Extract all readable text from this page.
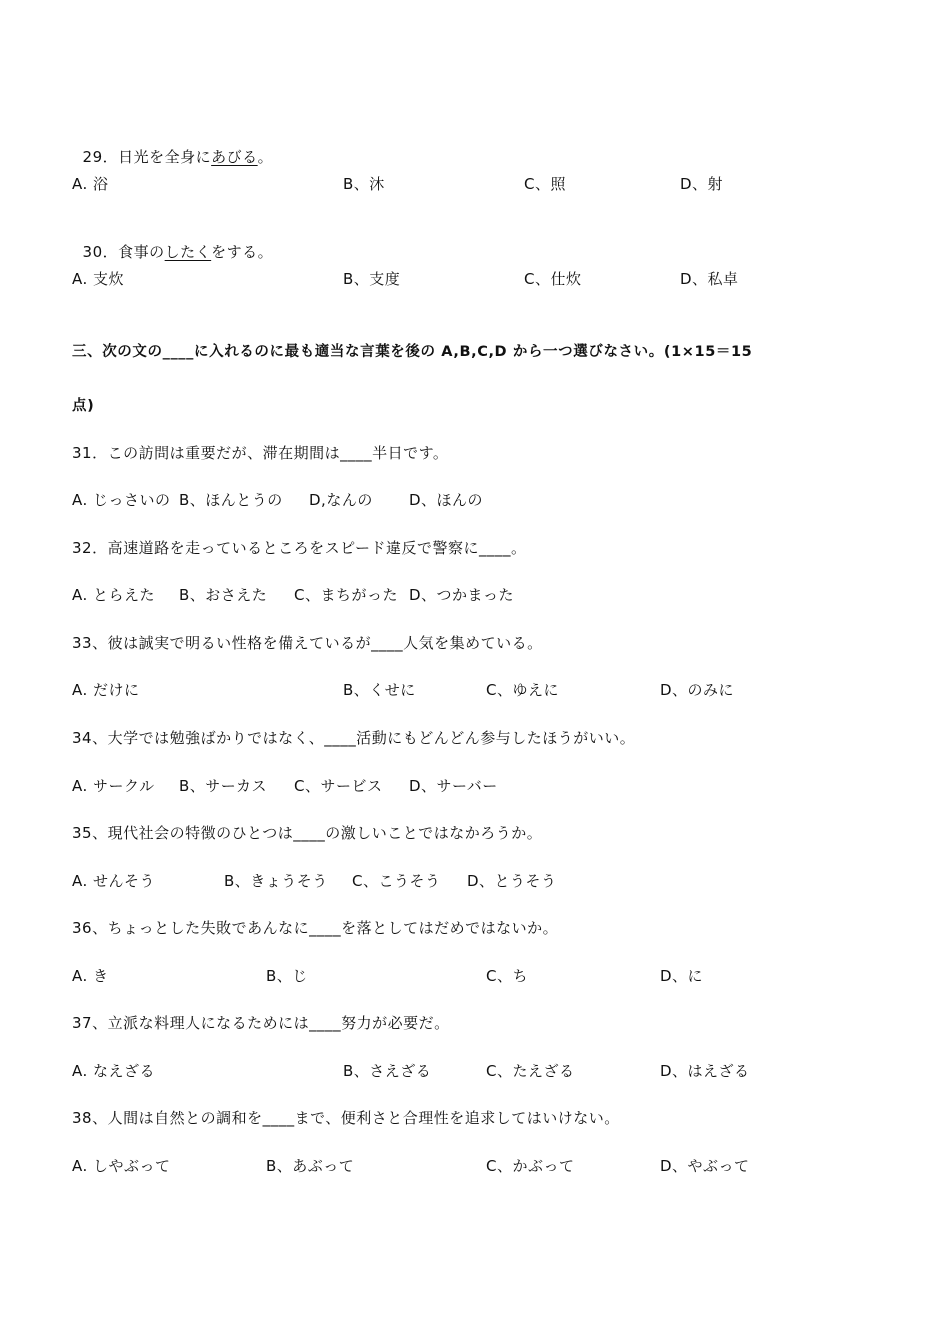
29．日光を全身にあびる。

A. 浴	B、沐	C、照	D、射

30．食事のしたくをする。

A. 支炊	B、支度	C、仕炊	D、私卓
三、次の文の____に入れるのに最も適当な言葉を後の A,B,C,D から一つ選びなさい。(1×15＝15
点)
31．この訪問は重要だが、滞在期間は____半日です。
A. じっさいの B、ほんとうの D,なんの D、ほんの
32．高速道路を走っているところをスピード違反で警察に____。
A. とらえた B、おさえた C、まちがった D、つかまった
33、彼は誠実で明るい性格を備えているが____人気を集めている。
A. だけに	B、くせに	C、ゆえに	D、のみに
34、大学では勉強ばかりではなく、____活動にもどんどん参与したほうがいい。
A. サークル B、サーカス C、サービス D、サーバー
35、現代社会の特徴のひとつは____の激しいことではなかろうか。
A. せんそう	B、きょうそう C、こうそう D、とうそう
36、ちょっとした失敗であんなに____を落としてはだめではないか。
A. き	B、じ	C、ち	D、に
37、立派な料理人になるためには____努力が必要だ。
A. なえざる	B、さえざる	C、たえざる	D、はえざる
38、人間は自然との調和を____まで、便利さと合理性を追求してはいけない。
A. しやぶって	B、あぶって	C、かぶって	D、やぶって
